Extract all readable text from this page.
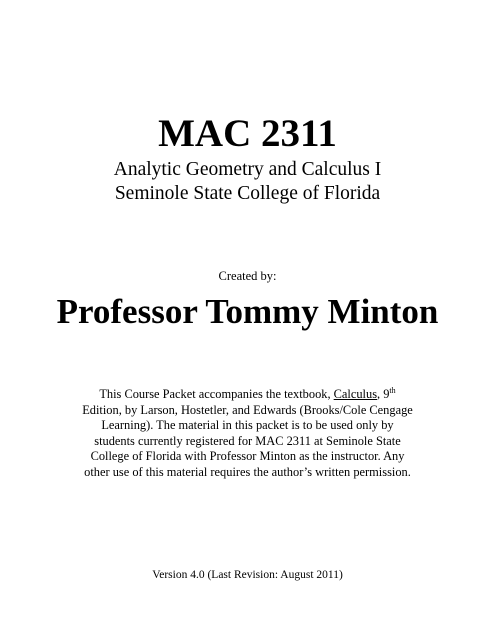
MAC 2311
Analytic Geometry and Calculus I
Seminole State College of Florida
Created by:
Professor Tommy Minton

This Course Packet accompanies the textbook, Calculus, 9th
Edition, by Larson, Hostetler, and Edwards (Brooks/Cole Cengage
Learning). The material in this packet is to be used only by
students currently registered for MAC 2311 at Seminole State
College of Florida with Professor Minton as the instructor. Any
other use of this material requires the author’s written permission.

Version 4.0 (Last Revision: August 2011)
